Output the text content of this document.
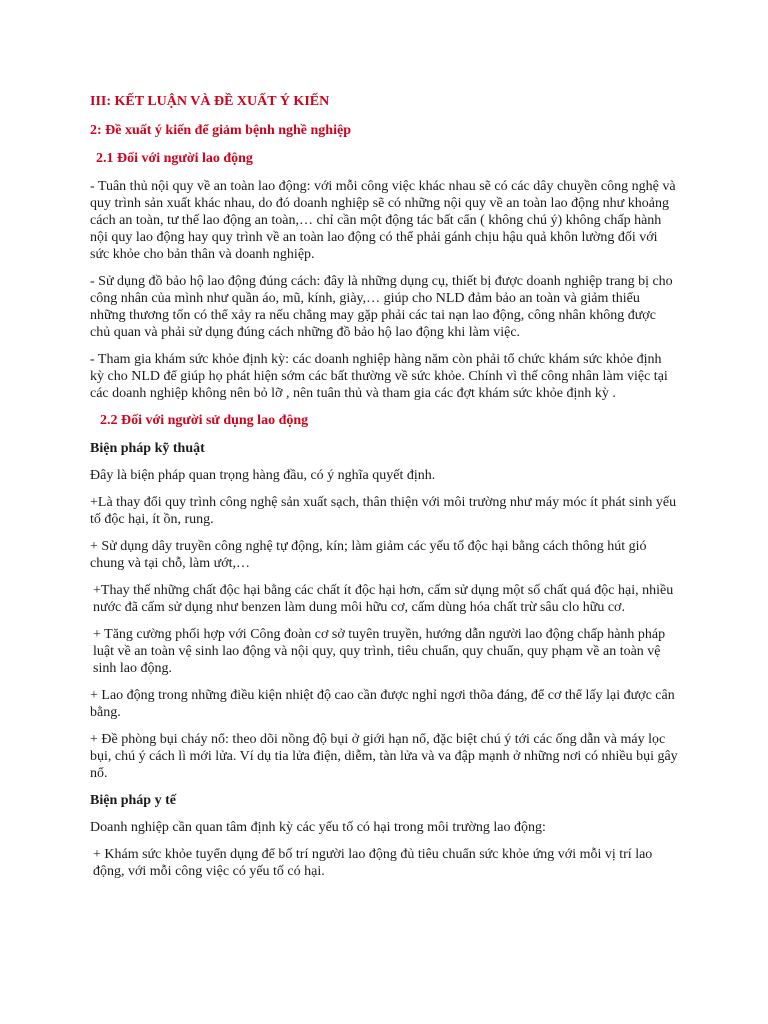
III: KẾT LUẬN VÀ ĐỀ XUẤT Ý KIẾN
2: Đề xuất ý kiến để giảm bệnh nghề nghiệp
2.1 Đối với người lao động

- Tuân thủ nội quy về an toàn lao động: với mỗi công việc khác nhau sẽ có các dây chuyền công nghệ và quy trình sản xuất khác nhau, do đó doanh nghiệp sẽ có những nội quy về an toàn lao động như khoảng cách an toàn, tư thế lao động an toàn,… chỉ cần một động tác bất cẩn ( không chú ý) không chấp hành nội quy lao động hay quy trình về an toàn lao động có thể phải gánh chịu hậu quả khôn lường đối với sức khỏe cho bản thân và doanh nghiệp.

- Sử dụng đồ bảo hộ lao động đúng cách: đây là những dụng cụ, thiết bị được doanh nghiệp trang bị cho công nhân của mình như quần áo, mũ, kính, giày,… giúp cho NLD đảm bảo an toàn và giảm thiểu những thương tổn có thể xảy ra nếu chẳng may gặp phải các tai nạn lao động, công nhân không được chủ quan và phải sử dụng đúng cách những đồ bảo hộ lao động khi làm việc.

- Tham gia khám sức khỏe định kỳ: các doanh nghiệp hàng năm còn phải tổ chức khám sức khỏe định kỳ cho NLD để giúp họ phát hiện sớm các bất thường về sức khỏe. Chính vì thế công nhân làm việc tại các doanh nghiệp không nên bỏ lỡ , nên tuân thủ và tham gia các đợt khám sức khỏe định kỳ .

2.2 Đối với người sử dụng lao động
Biện pháp kỹ thuật

Đây là biện pháp quan trọng hàng đầu, có ý nghĩa quyết định.

+Là thay đổi quy trình công nghệ sản xuất sạch, thân thiện với môi trường như máy móc ít phát sinh yếu tố độc hại, ít ồn, rung.

+ Sử dụng dây truyền công nghệ tự động, kín; làm giảm các yếu tố độc hại bằng cách thông hút gió chung và tại chỗ, làm ướt,…

+Thay thế những chất độc hại bằng các chất ít độc hại hơn, cấm sử dụng một số chất quá độc hại, nhiều nước đã cấm sử dụng như benzen làm dung môi hữu cơ, cấm dùng hóa chất trừ sâu clo hữu cơ.

+ Tăng cường phối hợp với Công đoàn cơ sở tuyên truyền, hướng dẫn người lao động chấp hành pháp luật về an toàn vệ sinh lao động và nội quy, quy trình, tiêu chuẩn, quy chuẩn, quy phạm về an toàn vệ sinh lao động.

+ Lao động trong những điều kiện nhiệt độ cao cần được nghỉ ngơi thõa đáng, để cơ thể lấy lại được cân bằng.

+ Đề phòng bụi cháy nổ: theo dõi nồng độ bụi ở giới hạn nổ, đặc biệt chú ý tới các ống dẫn và máy lọc bụi, chú ý cách lì mới lửa. Ví dụ tia lửa điện, diễm, tàn lửa và va đập mạnh ở những nơi có nhiều bụi gây nổ.

Biện pháp y tế

Doanh nghiệp cần quan tâm định kỳ các yếu tố có hại trong môi trường lao động:

+ Khám sức khỏe tuyển dụng để bố trí người lao động đủ tiêu chuẩn sức khỏe ứng với mỗi vị trí lao động, với mỗi công việc có yếu tố có hại.
